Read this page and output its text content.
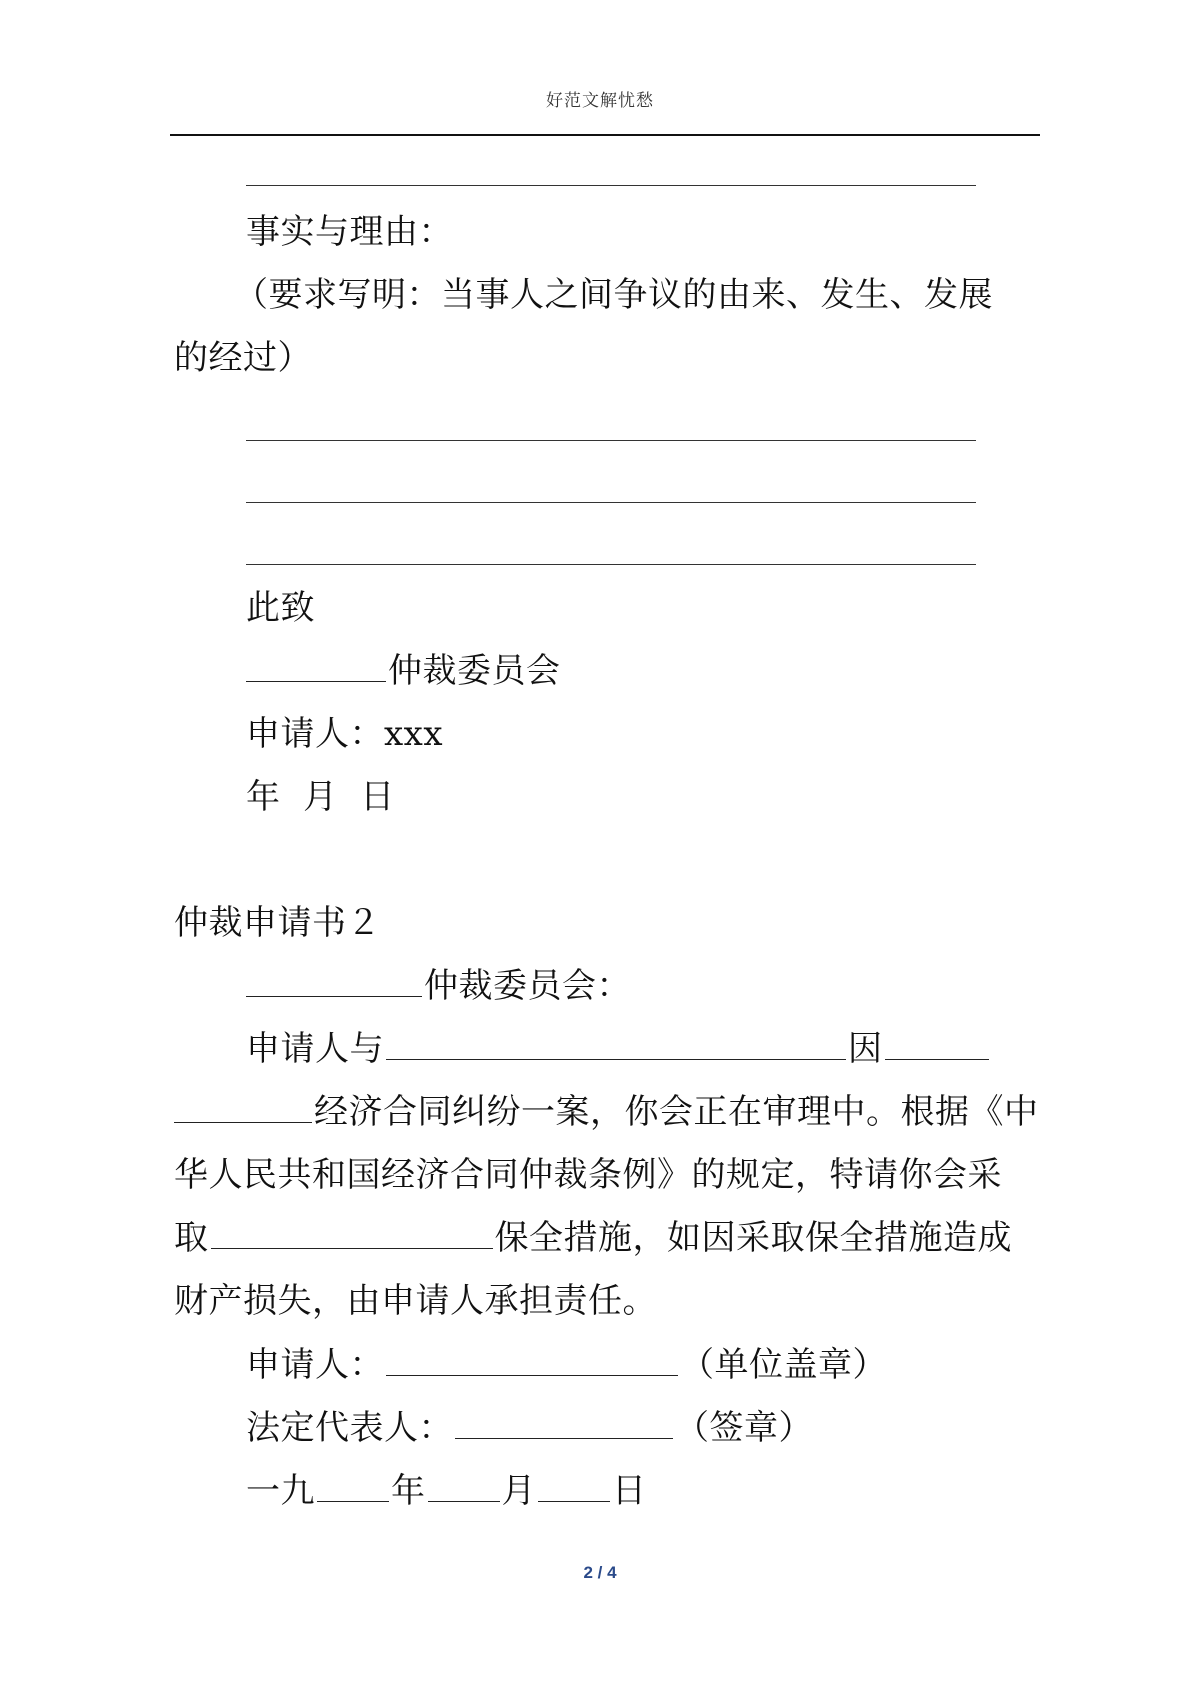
好范文解忧愁
事实与理由：
（要求写明：当事人之间争议的由来、发生、发展
的经过）
此致
仲裁委员会
申请人：xxx
年 月 日
仲裁申请书２
仲裁委员会：
申请人与	因
经济合同纠纷一案，你会正在审理中。根据《中
华人民共和国经济合同仲裁条例》的规定，特请你会采
取	保全措施，如因采取保全措施造成
财产损失，由申请人承担责任。
申请人：	（单位盖章）
法定代表人：	（签章）
一九 年 月 日
2 / 4
